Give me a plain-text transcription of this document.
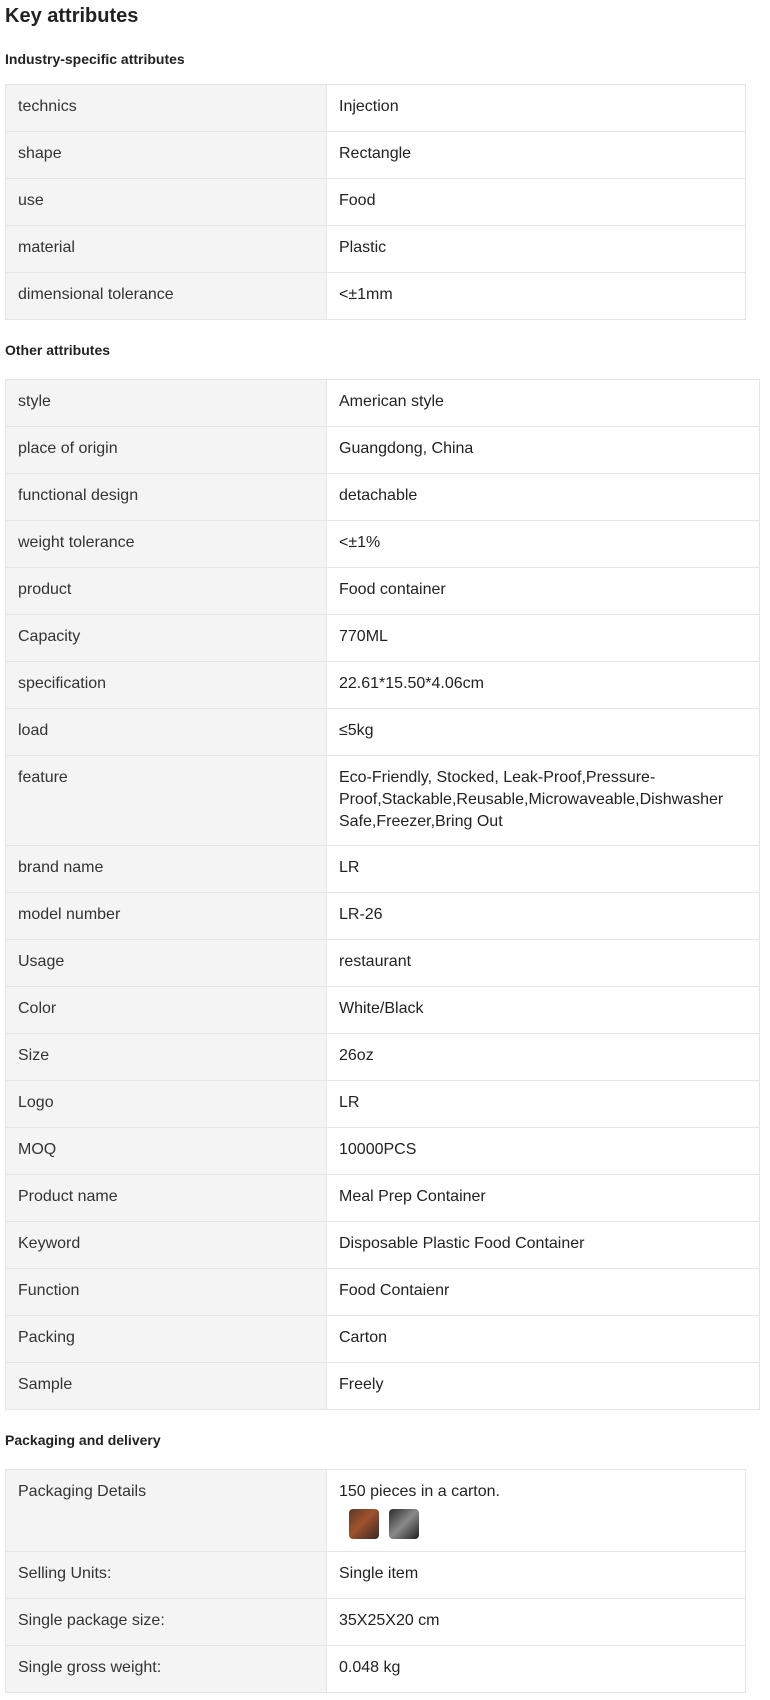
Key attributes
Industry-specific attributes
technics	Injection
shape	Rectangle
use	Food
material	Plastic
dimensional tolerance	<±1mm
Other attributes
style	American style
place of origin	Guangdong, China
functional design	detachable
weight tolerance	<±1%
product	Food container
Capacity	770ML
specification	22.61*15.50*4.06cm
load	≤5kg
feature	Eco-Friendly, Stocked, Leak-Proof,Pressure-Proof,Stackable,Reusable,Microwaveable,Dishwasher Safe,Freezer,Bring Out
brand name	LR
model number	LR-26
Usage	restaurant
Color	White/Black
Size	26oz
Logo	LR
MOQ	10000PCS
Product name	Meal Prep Container
Keyword	Disposable Plastic Food Container
Function	Food Contaienr
Packing	Carton
Sample	Freely
Packaging and delivery
Packaging Details	150 pieces in a carton.

Selling Units:	Single item
Single package size:	35X25X20 cm
Single gross weight:	0.048 kg
